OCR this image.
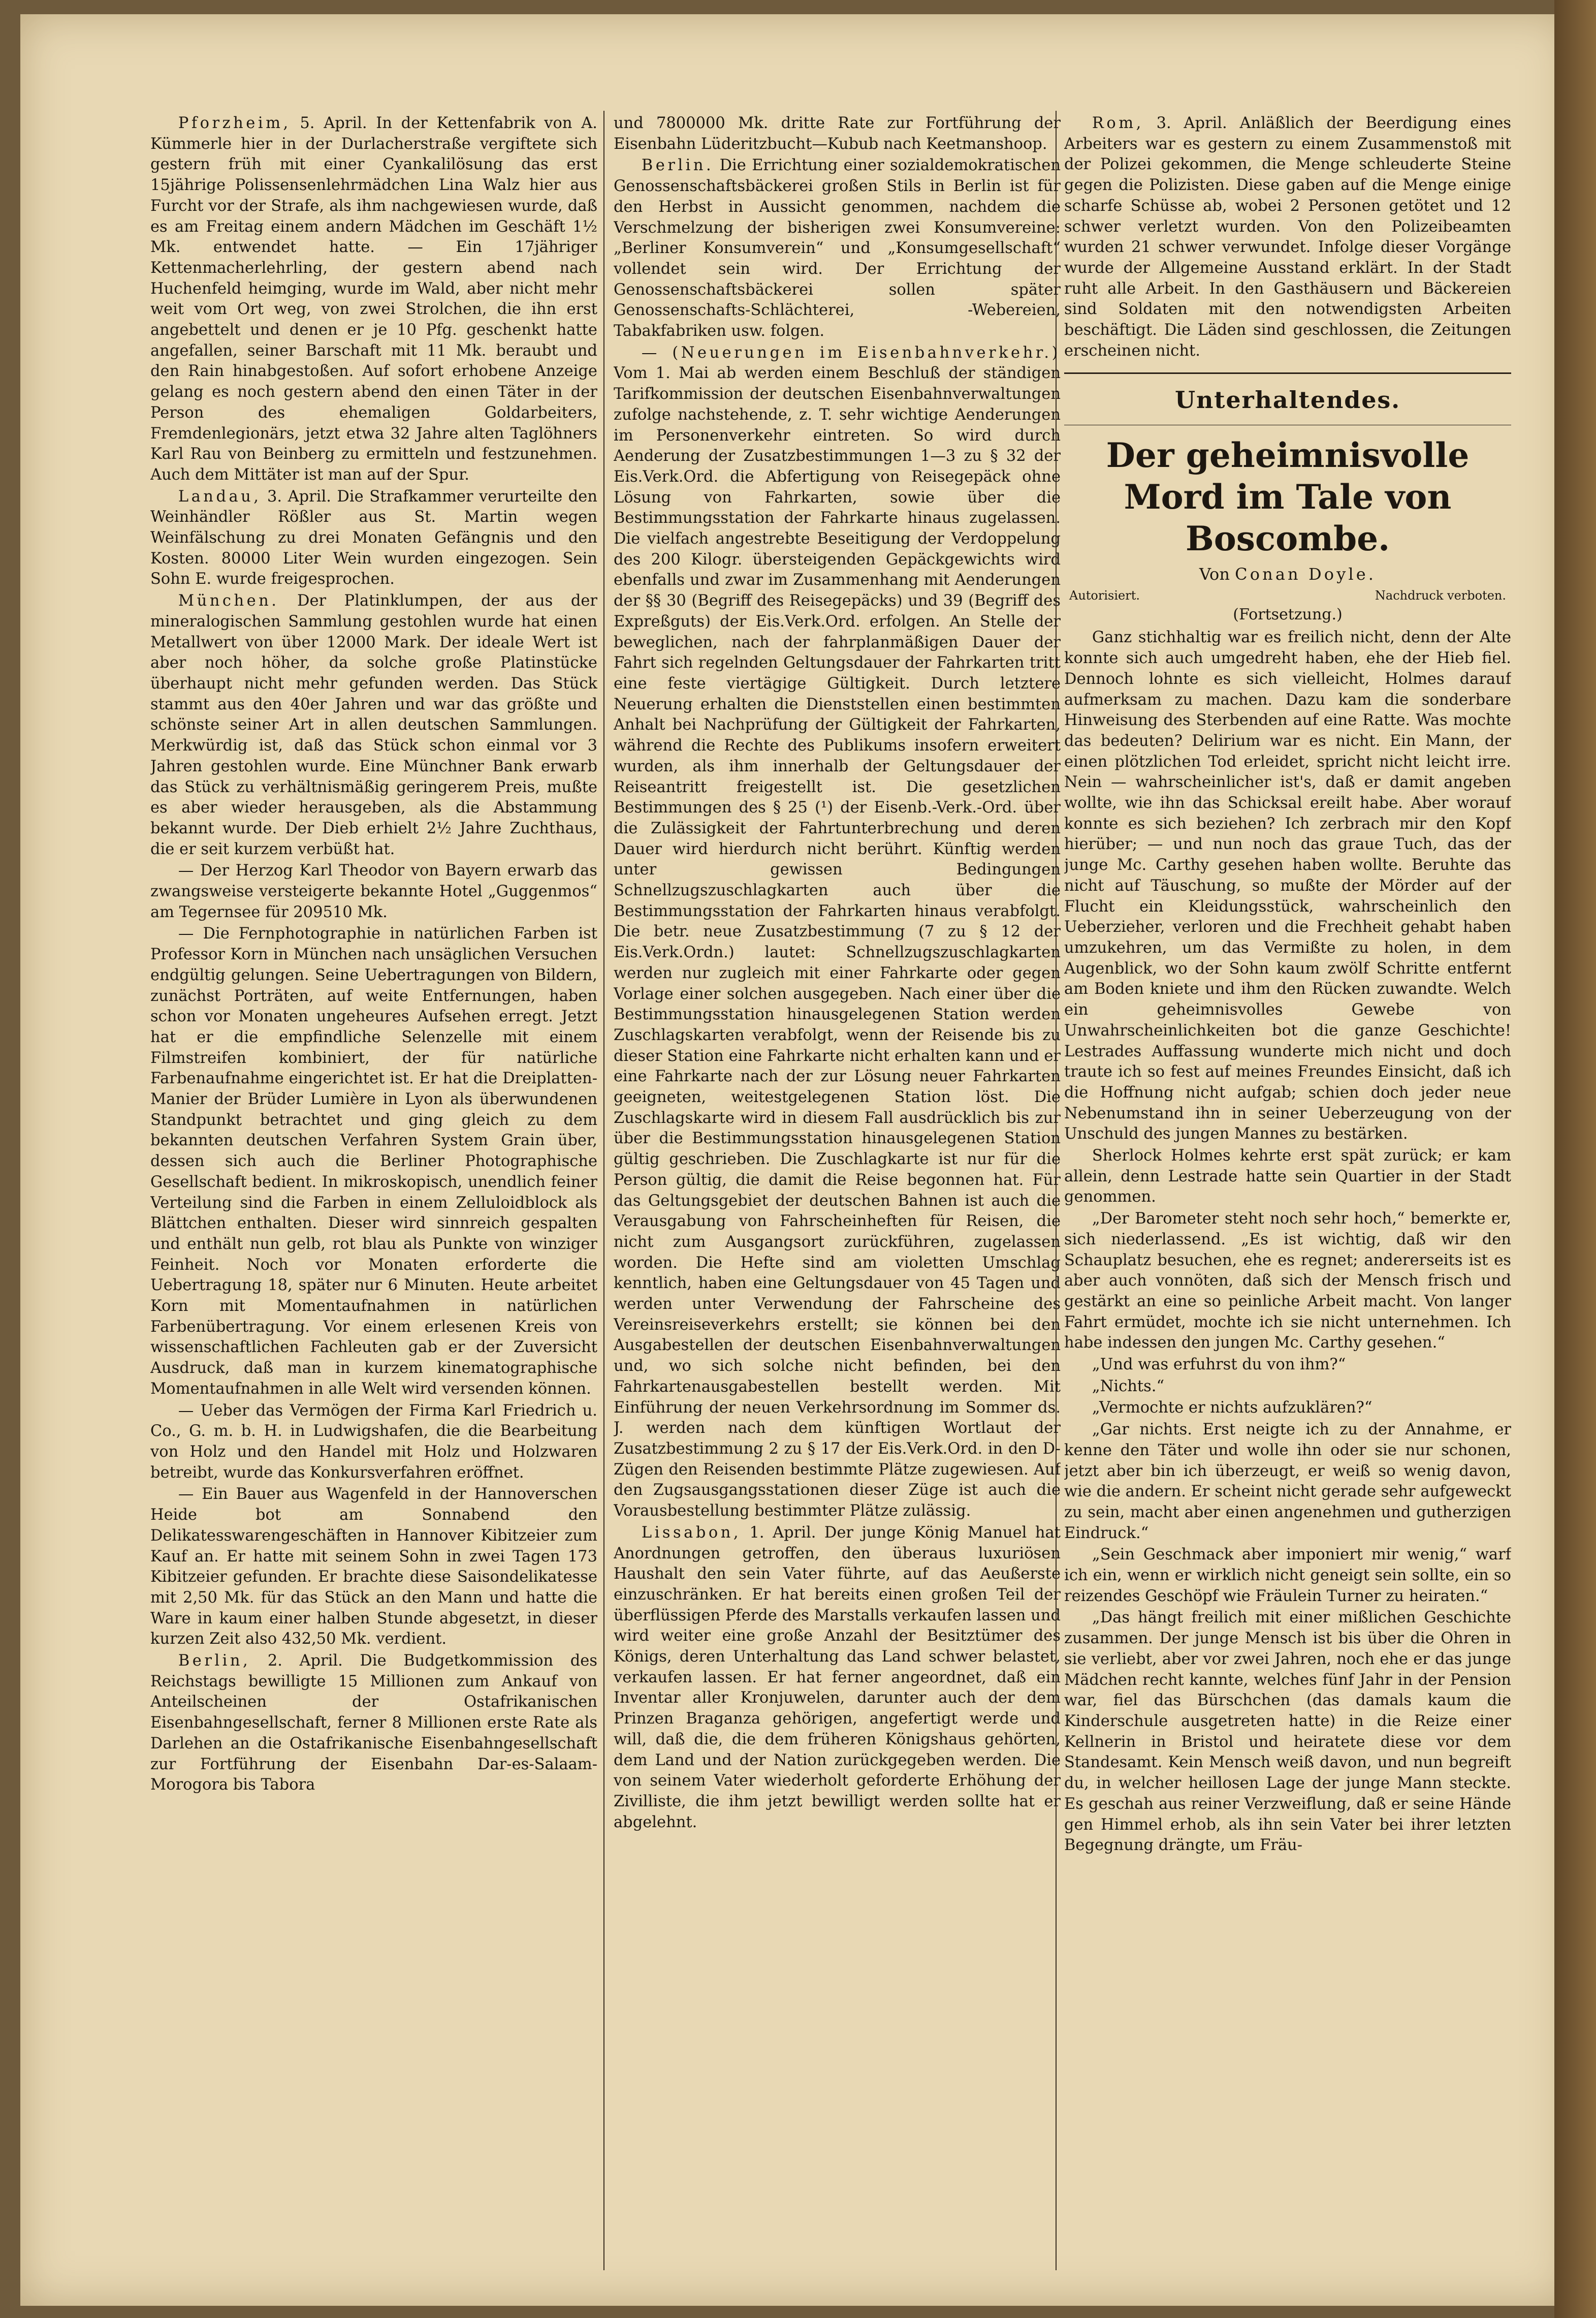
Pforzheim, 5. April. In der Kettenfabrik von A. Kümmerle hier in der Durlacherstraße vergiftete sich gestern früh mit einer Cyankalilösung das erst 15jährige Polissensenlehrmädchen Lina Walz hier aus Furcht vor der Strafe, als ihm nachgewiesen wurde, daß es am Freitag einem andern Mädchen im Geschäft 1½ Mk. entwendet hatte. — Ein 17jähriger Kettenmacherlehrling, der gestern abend nach Huchenfeld heimging, wurde im Wald, aber nicht mehr weit vom Ort weg, von zwei Strolchen, die ihn erst angebettelt und denen er je 10 Pfg. geschenkt hatte angefallen, seiner Barschaft mit 11 Mk. beraubt und den Rain hinabgestoßen. Auf sofort erhobene Anzeige gelang es noch gestern abend den einen Täter in der Person des ehemaligen Goldarbeiters, Fremdenlegionärs, jetzt etwa 32 Jahre alten Taglöhners Karl Rau von Beinberg zu ermitteln und festzunehmen. Auch dem Mittäter ist man auf der Spur.

Landau, 3. April. Die Strafkammer verurteilte den Weinhändler Rößler aus St. Martin wegen Weinfälschung zu drei Monaten Gefängnis und den Kosten. 80000 Liter Wein wurden eingezogen. Sein Sohn E. wurde freigesprochen.

München. Der Platinklumpen, der aus der mineralogischen Sammlung gestohlen wurde hat einen Metallwert von über 12000 Mark. Der ideale Wert ist aber noch höher, da solche große Platinstücke überhaupt nicht mehr gefunden werden. Das Stück stammt aus den 40er Jahren und war das größte und schönste seiner Art in allen deutschen Sammlungen. Merkwürdig ist, daß das Stück schon einmal vor 3 Jahren gestohlen wurde. Eine Münchner Bank erwarb das Stück zu verhältnismäßig geringerem Preis, mußte es aber wieder herausgeben, als die Abstammung bekannt wurde. Der Dieb erhielt 2½ Jahre Zuchthaus, die er seit kurzem verbüßt hat.

— Der Herzog Karl Theodor von Bayern erwarb das zwangsweise versteigerte bekannte Hotel „Guggenmos“ am Tegernsee für 209510 Mk.

— Die Fernphotographie in natürlichen Farben ist Professor Korn in München nach unsäglichen Versuchen endgültig gelungen. Seine Uebertragungen von Bildern, zunächst Porträten, auf weite Entfernungen, haben schon vor Monaten ungeheures Aufsehen erregt. Jetzt hat er die empfindliche Selenzelle mit einem Filmstreifen kombiniert, der für natürliche Farbenaufnahme eingerichtet ist. Er hat die Dreiplatten-Manier der Brüder Lumière in Lyon als überwundenen Standpunkt betrachtet und ging gleich zu dem bekannten deutschen Verfahren System Grain über, dessen sich auch die Berliner Photographische Gesellschaft bedient. In mikroskopisch, unendlich feiner Verteilung sind die Farben in einem Zelluloidblock als Blättchen enthalten. Dieser wird sinnreich gespalten und enthält nun gelb, rot blau als Punkte von winziger Feinheit. Noch vor Monaten erforderte die Uebertragung 18, später nur 6 Minuten. Heute arbeitet Korn mit Momentaufnahmen in natürlichen Farbenübertragung. Vor einem erlesenen Kreis von wissenschaftlichen Fachleuten gab er der Zuversicht Ausdruck, daß man in kurzem kinematographische Momentaufnahmen in alle Welt wird versenden können.

— Ueber das Vermögen der Firma Karl Friedrich u. Co., G. m. b. H. in Ludwigshafen, die die Bearbeitung von Holz und den Handel mit Holz und Holzwaren betreibt, wurde das Konkursverfahren eröffnet.

— Ein Bauer aus Wagenfeld in der Hannoverschen Heide bot am Sonnabend den Delikatesswarengeschäften in Hannover Kibitzeier zum Kauf an. Er hatte mit seinem Sohn in zwei Tagen 173 Kibitzeier gefunden. Er brachte diese Saisondelikatesse mit 2,50 Mk. für das Stück an den Mann und hatte die Ware in kaum einer halben Stunde abgesetzt, in dieser kurzen Zeit also 432,50 Mk. verdient.

Berlin, 2. April. Die Budgetkommission des Reichstags bewilligte 15 Millionen zum Ankauf von Anteilscheinen der Ostafrikanischen Eisenbahngesellschaft, ferner 8 Millionen erste Rate als Darlehen an die Ostafrikanische Eisenbahngesellschaft zur Fortführung der Eisenbahn Dar-es-Salaam-Morogora bis Tabora

und 7800000 Mk. dritte Rate zur Fortführung der Eisenbahn Lüderitzbucht—Kubub nach Keetmanshoop.

Berlin. Die Errichtung einer sozialdemokratischen Genossenschaftsbäckerei großen Stils in Berlin ist für den Herbst in Aussicht genommen, nachdem die Verschmelzung der bisherigen zwei Konsumvereine: „Berliner Konsumverein“ und „Konsumgesellschaft“ vollendet sein wird. Der Errichtung der Genossenschaftsbäckerei sollen später Genossenschafts-Schlächterei, -Webereien, Tabakfabriken usw. folgen.

— (Neuerungen im Eisenbahnverkehr.) Vom 1. Mai ab werden einem Beschluß der ständigen Tarifkommission der deutschen Eisenbahnverwaltungen zufolge nachstehende, z. T. sehr wichtige Aenderungen im Personenverkehr eintreten. So wird durch Aenderung der Zusatzbestimmungen 1—3 zu § 32 der Eis.Verk.Ord. die Abfertigung von Reisegepäck ohne Lösung von Fahrkarten, sowie über die Bestimmungsstation der Fahrkarte hinaus zugelassen. Die vielfach angestrebte Beseitigung der Verdoppelung des 200 Kilogr. übersteigenden Gepäckgewichts wird ebenfalls und zwar im Zusammenhang mit Aenderungen der §§ 30 (Begriff des Reisegepäcks) und 39 (Begriff des Expreßguts) der Eis.Verk.Ord. erfolgen. An Stelle der beweglichen, nach der fahrplanmäßigen Dauer der Fahrt sich regelnden Geltungsdauer der Fahrkarten tritt eine feste viertägige Gültigkeit. Durch letztere Neuerung erhalten die Dienststellen einen bestimmten Anhalt bei Nachprüfung der Gültigkeit der Fahrkarten, während die Rechte des Publikums insofern erweitert wurden, als ihm innerhalb der Geltungsdauer der Reiseantritt freigestellt ist. Die gesetzlichen Bestimmungen des § 25 (¹) der Eisenb.-Verk.-Ord. über die Zulässigkeit der Fahrtunterbrechung und deren Dauer wird hierdurch nicht berührt. Künftig werden unter gewissen Bedingungen Schnellzugszuschlagkarten auch über die Bestimmungsstation der Fahrkarten hinaus verabfolgt. Die betr. neue Zusatzbestimmung (7 zu § 12 der Eis.Verk.Ordn.) lautet: Schnellzugszuschlagkarten werden nur zugleich mit einer Fahrkarte oder gegen Vorlage einer solchen ausgegeben. Nach einer über die Bestimmungsstation hinausgelegenen Station werden Zuschlagskarten verabfolgt, wenn der Reisende bis zu dieser Station eine Fahrkarte nicht erhalten kann und er eine Fahrkarte nach der zur Lösung neuer Fahrkarten geeigneten, weitestgelegenen Station löst. Die Zuschlagskarte wird in diesem Fall ausdrücklich bis zur über die Bestimmungsstation hinausgelegenen Station gültig geschrieben. Die Zuschlagkarte ist nur für die Person gültig, die damit die Reise begonnen hat. Für das Geltungsgebiet der deutschen Bahnen ist auch die Verausgabung von Fahrscheinheften für Reisen, die nicht zum Ausgangsort zurückführen, zugelassen worden. Die Hefte sind am violetten Umschlag kenntlich, haben eine Geltungsdauer von 45 Tagen und werden unter Verwendung der Fahrscheine des Vereinsreiseverkehrs erstellt; sie können bei den Ausgabestellen der deutschen Eisenbahnverwaltungen und, wo sich solche nicht befinden, bei den Fahrkartenausgabestellen bestellt werden. Mit Einführung der neuen Verkehrsordnung im Sommer ds. J. werden nach dem künftigen Wortlaut der Zusatzbestimmung 2 zu § 17 der Eis.Verk.Ord. in den D-Zügen den Reisenden bestimmte Plätze zugewiesen. Auf den Zugsausgangsstationen dieser Züge ist auch die Vorausbestellung bestimmter Plätze zulässig.

Lissabon, 1. April. Der junge König Manuel hat Anordnungen getroffen, den überaus luxuriösen Haushalt den sein Vater führte, auf das Aeußerste einzuschränken. Er hat bereits einen großen Teil der überflüssigen Pferde des Marstalls verkaufen lassen und wird weiter eine große Anzahl der Besitztümer des Königs, deren Unterhaltung das Land schwer belastet, verkaufen lassen. Er hat ferner angeordnet, daß ein Inventar aller Kronjuwelen, darunter auch der dem Prinzen Braganza gehörigen, angefertigt werde und will, daß die, die dem früheren Königshaus gehörten, dem Land und der Nation zurückgegeben werden. Die von seinem Vater wiederholt geforderte Erhöhung der Zivilliste, die ihm jetzt bewilligt werden sollte hat er abgelehnt.

Rom, 3. April. Anläßlich der Beerdigung eines Arbeiters war es gestern zu einem Zusammenstoß mit der Polizei gekommen, die Menge schleuderte Steine gegen die Polizisten. Diese gaben auf die Menge einige scharfe Schüsse ab, wobei 2 Personen getötet und 12 schwer verletzt wurden. Von den Polizeibeamten wurden 21 schwer verwundet. Infolge dieser Vorgänge wurde der Allgemeine Ausstand erklärt. In der Stadt ruht alle Arbeit. In den Gasthäusern und Bäckereien sind Soldaten mit den notwendigsten Arbeiten beschäftigt. Die Läden sind geschlossen, die Zeitungen erscheinen nicht.

Unterhaltendes.
Der geheimnisvolle Mord im Tale von Boscombe.
Von Conan Doyle.
Autorisiert.	Nachdruck verboten.
(Fortsetzung.)

Ganz stichhaltig war es freilich nicht, denn der Alte konnte sich auch umgedreht haben, ehe der Hieb fiel. Dennoch lohnte es sich vielleicht, Holmes darauf aufmerksam zu machen. Dazu kam die sonderbare Hinweisung des Sterbenden auf eine Ratte. Was mochte das bedeuten? Delirium war es nicht. Ein Mann, der einen plötzlichen Tod erleidet, spricht nicht leicht irre. Nein — wahrscheinlicher ist's, daß er damit angeben wollte, wie ihn das Schicksal ereilt habe. Aber worauf konnte es sich beziehen? Ich zerbrach mir den Kopf hierüber; — und nun noch das graue Tuch, das der junge Mc. Carthy gesehen haben wollte. Beruhte das nicht auf Täuschung, so mußte der Mörder auf der Flucht ein Kleidungsstück, wahrscheinlich den Ueberzieher, verloren und die Frechheit gehabt haben umzukehren, um das Vermißte zu holen, in dem Augenblick, wo der Sohn kaum zwölf Schritte entfernt am Boden kniete und ihm den Rücken zuwandte. Welch ein geheimnisvolles Gewebe von Unwahrscheinlichkeiten bot die ganze Geschichte! Lestrades Auffassung wunderte mich nicht und doch traute ich so fest auf meines Freundes Einsicht, daß ich die Hoffnung nicht aufgab; schien doch jeder neue Nebenumstand ihn in seiner Ueberzeugung von der Unschuld des jungen Mannes zu bestärken.

Sherlock Holmes kehrte erst spät zurück; er kam allein, denn Lestrade hatte sein Quartier in der Stadt genommen.

„Der Barometer steht noch sehr hoch,“ bemerkte er, sich niederlassend. „Es ist wichtig, daß wir den Schauplatz besuchen, ehe es regnet; andererseits ist es aber auch vonnöten, daß sich der Mensch frisch und gestärkt an eine so peinliche Arbeit macht. Von langer Fahrt ermüdet, mochte ich sie nicht unternehmen. Ich habe indessen den jungen Mc. Carthy gesehen.“

„Und was erfuhrst du von ihm?“

„Nichts.“

„Vermochte er nichts aufzuklären?“

„Gar nichts. Erst neigte ich zu der Annahme, er kenne den Täter und wolle ihn oder sie nur schonen, jetzt aber bin ich überzeugt, er weiß so wenig davon, wie die andern. Er scheint nicht gerade sehr aufgeweckt zu sein, macht aber einen angenehmen und gutherzigen Eindruck.“

„Sein Geschmack aber imponiert mir wenig,“ warf ich ein, wenn er wirklich nicht geneigt sein sollte, ein so reizendes Geschöpf wie Fräulein Turner zu heiraten.“

„Das hängt freilich mit einer mißlichen Geschichte zusammen. Der junge Mensch ist bis über die Ohren in sie verliebt, aber vor zwei Jahren, noch ehe er das junge Mädchen recht kannte, welches fünf Jahr in der Pension war, fiel das Bürschchen (das damals kaum die Kinderschule ausgetreten hatte) in die Reize einer Kellnerin in Bristol und heiratete diese vor dem Standesamt. Kein Mensch weiß davon, und nun begreift du, in welcher heillosen Lage der junge Mann steckte. Es geschah aus reiner Verzweiflung, daß er seine Hände gen Himmel erhob, als ihn sein Vater bei ihrer letzten Begegnung drängte, um Fräu-
